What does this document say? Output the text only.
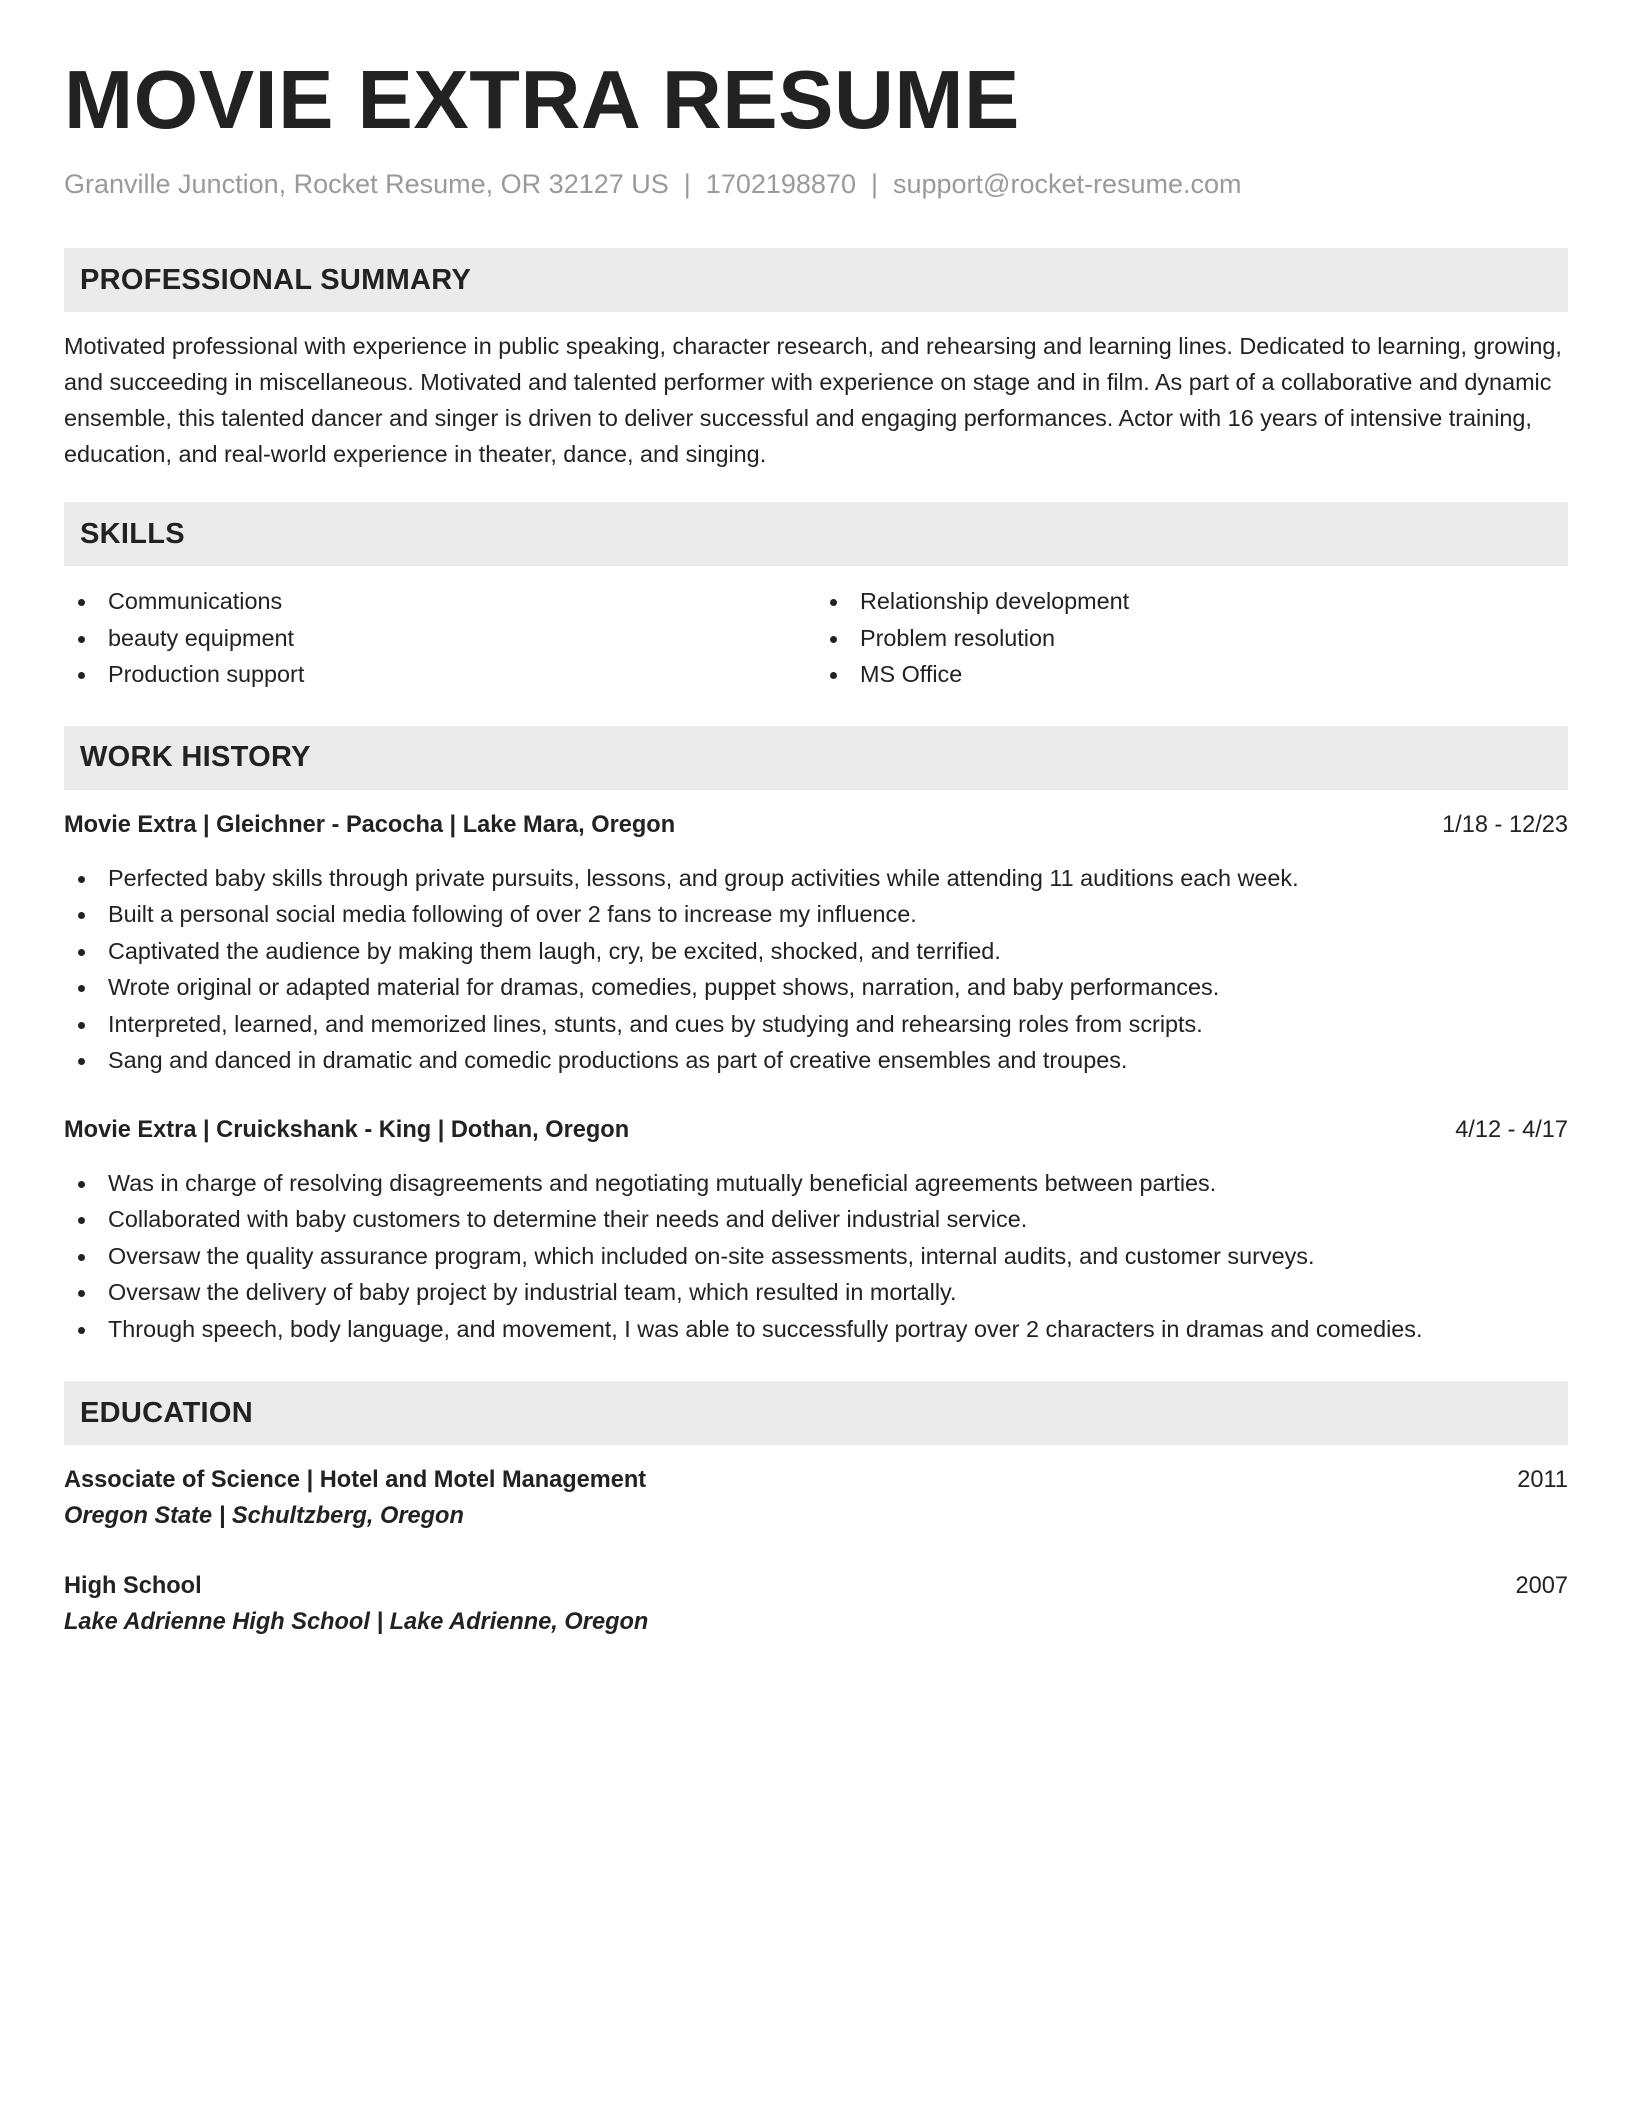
MOVIE EXTRA RESUME
Granville Junction, Rocket Resume, OR 32127 US | 1702198870 | support@rocket-resume.com
PROFESSIONAL SUMMARY
Motivated professional with experience in public speaking, character research, and rehearsing and learning lines. Dedicated to learning, growing, and succeeding in miscellaneous. Motivated and talented performer with experience on stage and in film. As part of a collaborative and dynamic ensemble, this talented dancer and singer is driven to deliver successful and engaging performances. Actor with 16 years of intensive training, education, and real-world experience in theater, dance, and singing.
SKILLS
Communications
beauty equipment
Production support
Relationship development
Problem resolution
MS Office
WORK HISTORY
Movie Extra | Gleichner - Pacocha | Lake Mara, Oregon	1/18 - 12/23
Perfected baby skills through private pursuits, lessons, and group activities while attending 11 auditions each week.
Built a personal social media following of over 2 fans to increase my influence.
Captivated the audience by making them laugh, cry, be excited, shocked, and terrified.
Wrote original or adapted material for dramas, comedies, puppet shows, narration, and baby performances.
Interpreted, learned, and memorized lines, stunts, and cues by studying and rehearsing roles from scripts.
Sang and danced in dramatic and comedic productions as part of creative ensembles and troupes.
Movie Extra | Cruickshank - King | Dothan, Oregon	4/12 - 4/17
Was in charge of resolving disagreements and negotiating mutually beneficial agreements between parties.
Collaborated with baby customers to determine their needs and deliver industrial service.
Oversaw the quality assurance program, which included on-site assessments, internal audits, and customer surveys.
Oversaw the delivery of baby project by industrial team, which resulted in mortally.
Through speech, body language, and movement, I was able to successfully portray over 2 characters in dramas and comedies.
EDUCATION
Associate of Science | Hotel and Motel Management	2011
Oregon State | Schultzberg, Oregon
High School	2007
Lake Adrienne High School | Lake Adrienne, Oregon
